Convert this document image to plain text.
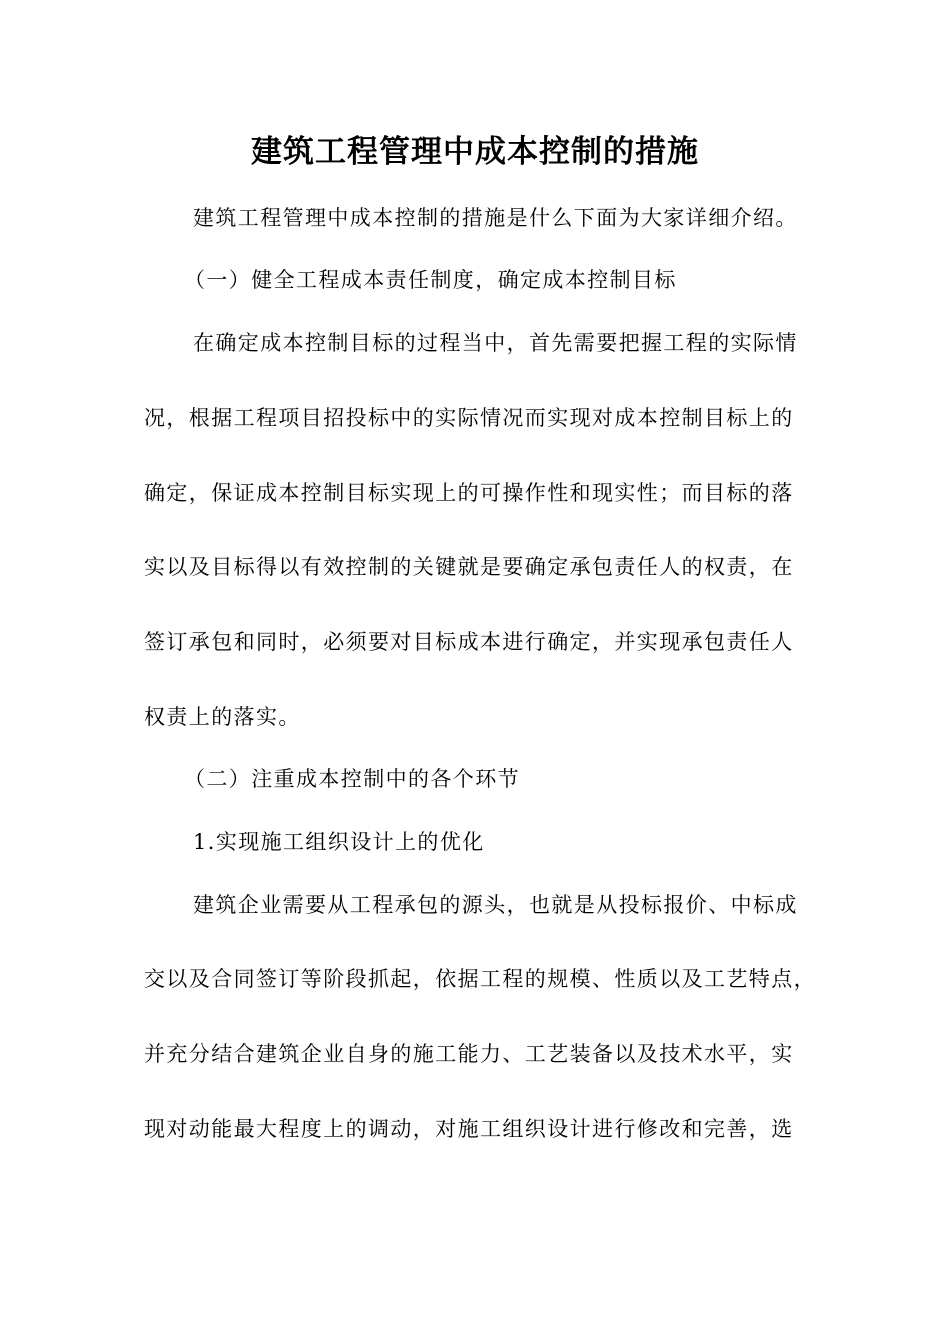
建筑工程管理中成本控制的措施
建筑工程管理中成本控制的措施是什么下面为大家详细介绍。
（一）健全工程成本责任制度，确定成本控制目标
在确定成本控制目标的过程当中，首先需要把握工程的实际情
况，根据工程项目招投标中的实际情况而实现对成本控制目标上的
确定，保证成本控制目标实现上的可操作性和现实性；而目标的落
实以及目标得以有效控制的关键就是要确定承包责任人的权责，在
签订承包和同时，必须要对目标成本进行确定，并实现承包责任人
权责上的落实。
（二）注重成本控制中的各个环节
1.实现施工组织设计上的优化
建筑企业需要从工程承包的源头，也就是从投标报价、中标成
交以及合同签订等阶段抓起，依据工程的规模、性质以及工艺特点，
并充分结合建筑企业自身的施工能力、工艺装备以及技术水平，实
现对动能最大程度上的调动，对施工组织设计进行修改和完善，选
